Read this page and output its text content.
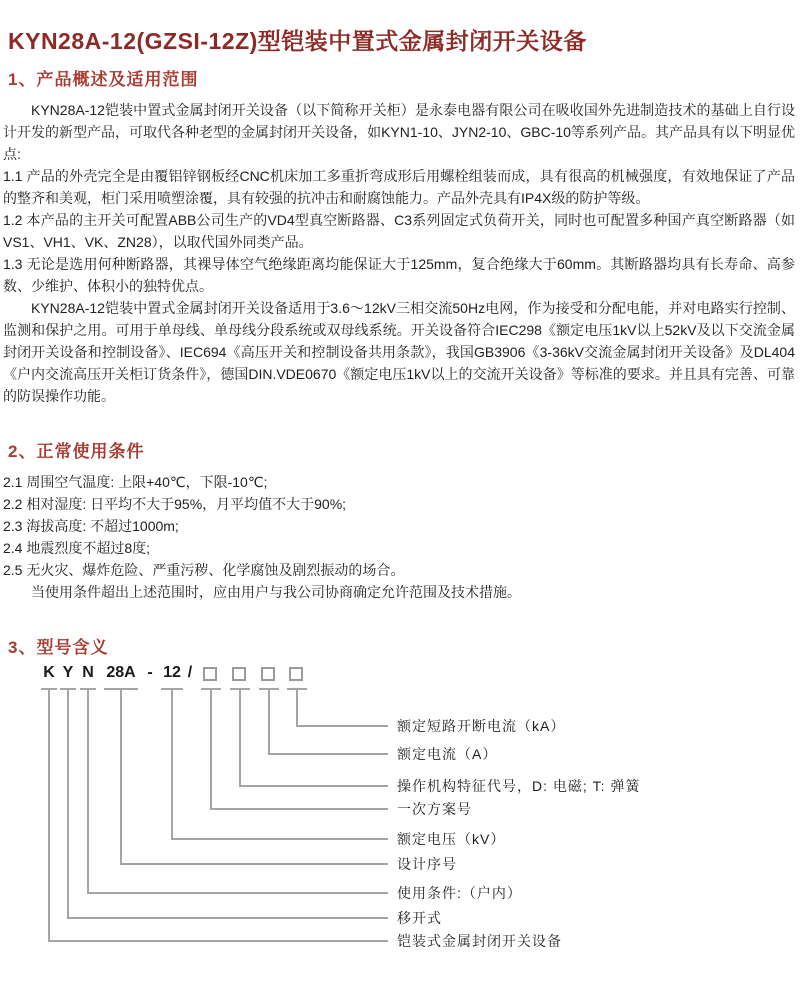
KYN28A-12(GZSI-12Z)型铠装中置式金属封闭开关设备
1、产品概述及适用范围

KYN28A-12铠装中置式金属封闭开关设备（以下简称开关柜）是永泰电器有限公司在吸收国外先进制造技术的基础上自行设计开发的新型产品，可取代各种老型的金属封闭开关设备，如KYN1-10、JYN2-10、GBC-10等系列产品。其产品具有以下明显优点:

1.1 产品的外壳完全是由覆铝锌钢板经CNC机床加工多重折弯成形后用螺栓组装而成，具有很高的机械强度，有效地保证了产品的整齐和美观，柜门采用喷塑涂覆，具有较强的抗冲击和耐腐蚀能力。产品外壳具有IP4X级的防护等级。

1.2 本产品的主开关可配置ABB公司生产的VD4型真空断路器、C3系列固定式负荷开关，同时也可配置多种国产真空断路器（如VS1、VH1、VK、ZN28），以取代国外同类产品。

1.3 无论是选用何种断路器，其裸导体空气绝缘距离均能保证大于125mm，复合绝缘大于60mm。其断路器均具有长寿命、高参数、少维护、体积小的独特优点。

KYN28A-12铠装中置式金属封闭开关设备适用于3.6～12kV三相交流50Hz电网，作为接受和分配电能，并对电路实行控制、监测和保护之用。可用于单母线、单母线分段系统或双母线系统。开关设备符合IEC298《额定电压1kV以上52kV及以下交流金属封闭开关设备和控制设备》、IEC694《高压开关和控制设备共用条款》，我国GB3906《3-36kV交流金属封闭开关设备》及DL404《户内交流高压开关柜订货条件》，德国DIN.VDE0670《额定电压1kV以上的交流开关设备》等标准的要求。并且具有完善、可靠的防误操作功能。

2、正常使用条件

2.1 周围空气温度: 上限+40℃，下限-10℃;

2.2 相对湿度: 日平均不大于95%，月平均值不大于90%;

2.3 海拔高度: 不超过1000m;

2.4 地震烈度不超过8度;

2.5 无火灾、爆炸危险、严重污秽、化学腐蚀及剧烈振动的场合。

当使用条件超出上述范围时，应由用户与我公司协商确定允许范围及技术措施。

3、型号含义
K Y N 28A - 12 /
额定短路开断电流（kA）
额定电流（A）
操作机构特征代号，D: 电磁; T: 弹簧
一次方案号
额定电压（kV）
设计序号
使用条件:（户内）
移开式
铠装式金属封闭开关设备
